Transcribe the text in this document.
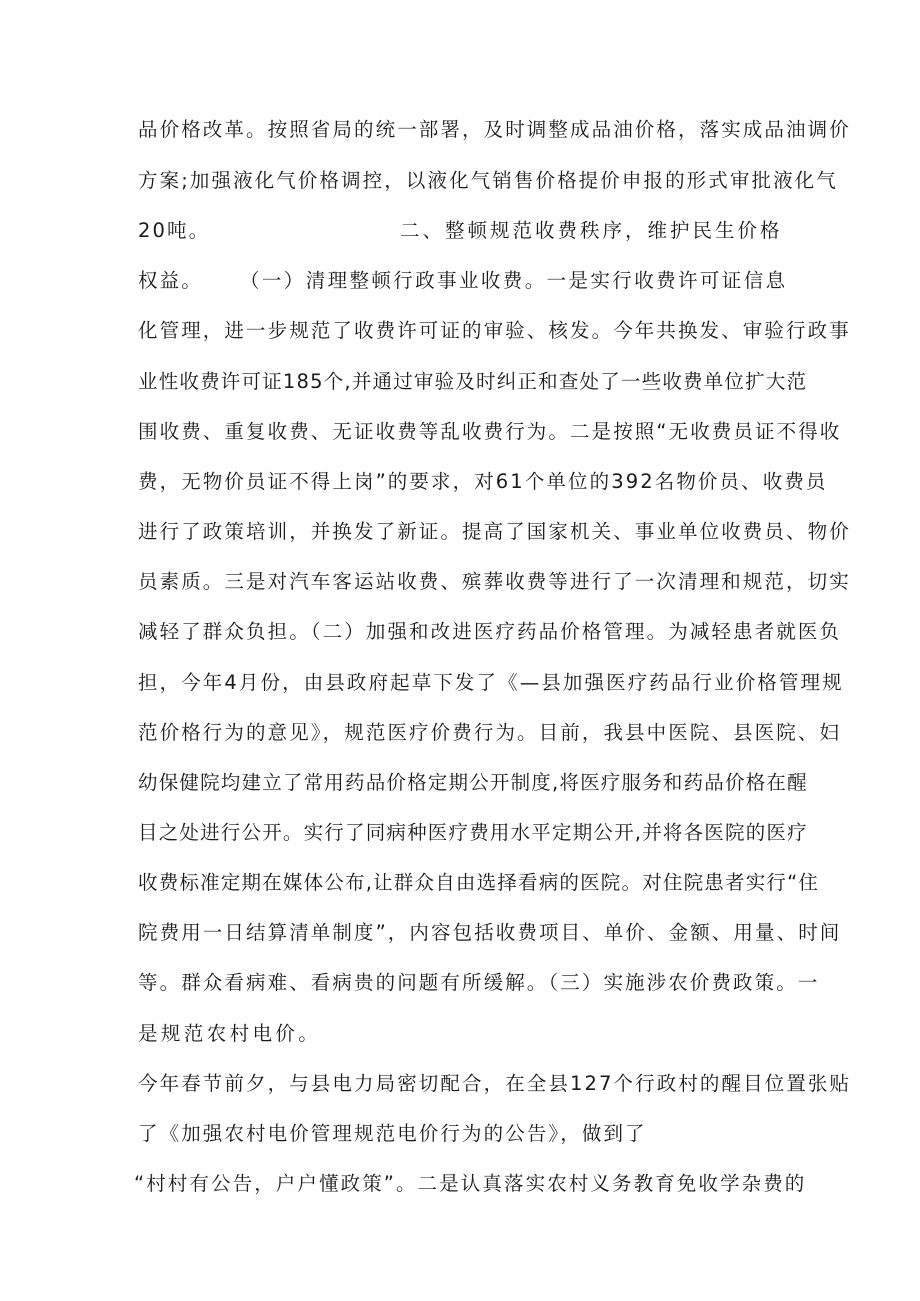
品价格改革。按照省局的统一部署，及时调整成品油价格，落实成品油调价
方案;加强液化气价格调控，以液化气销售价格提价申报的形式审批液化气
20吨。	二、整顿规范收费秩序，维护民生价格
权益。 （一）清理整顿行政事业收费。一是实行收费许可证信息
化管理，进一步规范了收费许可证的审验、核发。今年共换发、审验行政事
业性收费许可证185个,并通过审验及时纠正和查处了一些收费单位扩大范
围收费、重复收费、无证收费等乱收费行为。二是按照“无收费员证不得收
费，无物价员证不得上岗”的要求，对61个单位的392名物价员、收费员
进行了政策培训，并换发了新证。提高了国家机关、事业单位收费员、物价
员素质。三是对汽车客运站收费、殡葬收费等进行了一次清理和规范，切实
减轻了群众负担。（二）加强和改进医疗药品价格管理。为减轻患者就医负
担，今年4月份，由县政府起草下发了《—县加强医疗药品行业价格管理规
范价格行为的意见》，规范医疗价费行为。目前，我县中医院、县医院、妇
幼保健院均建立了常用药品价格定期公开制度,将医疗服务和药品价格在醒
目之处进行公开。实行了同病种医疗费用水平定期公开,并将各医院的医疗
收费标准定期在媒体公布,让群众自由选择看病的医院。对住院患者实行“住
院费用一日结算清单制度”，内容包括收费项目、单价、金额、用量、时间
等。群众看病难、看病贵的问题有所缓解。（三）实施涉农价费政策。一
是规范农村电价。
今年春节前夕，与县电力局密切配合，在全县127个行政村的醒目位置张贴
了《加强农村电价管理规范电价行为的公告》，做到了
“村村有公告，户户懂政策”。二是认真落实农村义务教育免收学杂费的
